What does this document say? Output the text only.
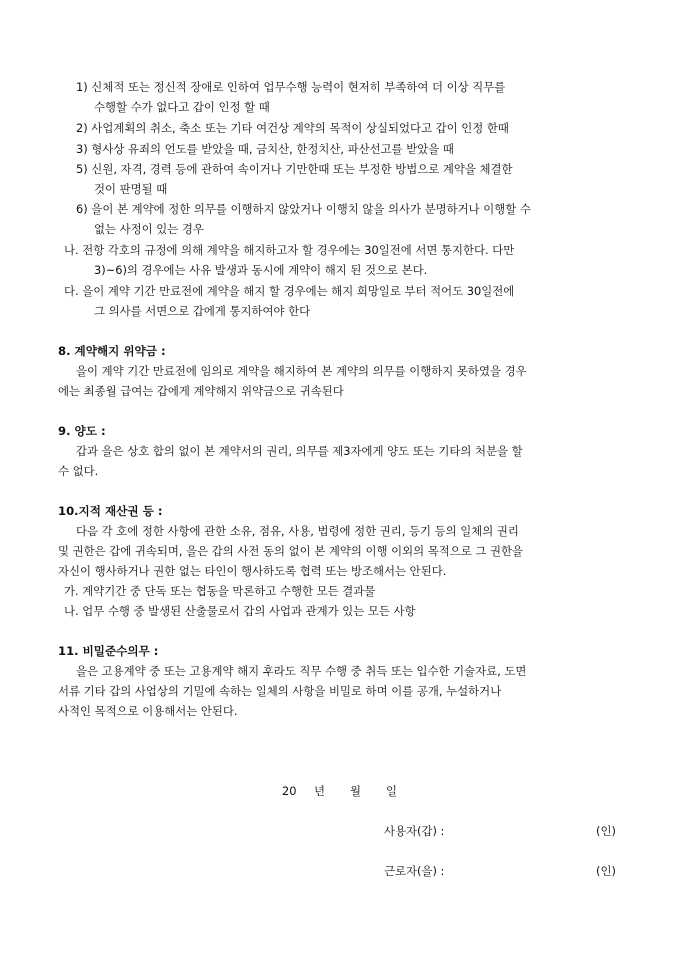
1) 신체적 또는 정신적 장애로 인하여 업무수행 능력이 현저히 부족하여 더 이상 직무를
수행할 수가 없다고 갑이 인정 할 때
2) 사업계획의 취소, 축소 또는 기타 여건상 계약의 목적이 상실되었다고 갑이 인정 한때
3) 형사상 유죄의 언도를 받았을 때, 금치산, 한정치산, 파산선고를 받았을 때
5) 신원, 자격, 경력 등에 관하여 속이거나 기만한때 또는 부정한 방법으로 계약을 체결한
것이 판명될 때
6) 을이 본 계약에 정한 의무를 이행하지 않았거나 이행치 않을 의사가 분명하거나 이행할 수
없는 사정이 있는 경우
나. 전항 각호의 규정에 의해 계약을 해지하고자 할 경우에는 30일전에 서면 통지한다. 다만
3)~6)의 경우에는 사유 발생과 동시에 계약이 해지 된 것으로 본다.
다. 을이 계약 기간 만료전에 계약을 해지 할 경우에는 해지 희망일로 부터 적어도 30일전에
그 의사를 서면으로 갑에게 통지하여야 한다
8. 계약해지 위약금 :
을이 계약 기간 만료전에 임의로 계약을 해지하여 본 계약의 의무를 이행하지 못하였을 경우
에는 최종월 급여는 갑에게 계약해지 위약금으로 귀속된다
9. 양도 :
갑과 을은 상호 합의 없이 본 계약서의 권리, 의무를 제3자에게 양도 또는 기타의 처분을 할
수 없다.
10.지적 재산권 등 :
다음 각 호에 정한 사항에 관한 소유, 점유, 사용, 법령에 정한 권리, 등기 등의 일체의 권리
및 권한은 갑에 귀속되며, 을은 갑의 사전 동의 없이 본 계약의 이행 이외의 목적으로 그 권한을
자신이 행사하거나 권한 없는 타인이 행사하도록 협력 또는 방조해서는 안된다.
가. 계약기간 중 단독 또는 협동을 막론하고 수행한 모든 결과물
나. 업무 수행 중 발생된 산출물로서 갑의 사업과 관계가 있는 모든 사항
11. 비밀준수의무 :
을은 고용계약 중 또는 고용계약 해지 후라도 직무 수행 중 취득 또는 입수한 기술자료, 도면
서류 기타 갑의 사업상의 기밀에 속하는 일체의 사항을 비밀로 하며 이를 공개, 누설하거나
사적인 목적으로 이용해서는 안된다.
20 년 월 일
사용자(갑) :	(인)
근로자(을) :	(인)
